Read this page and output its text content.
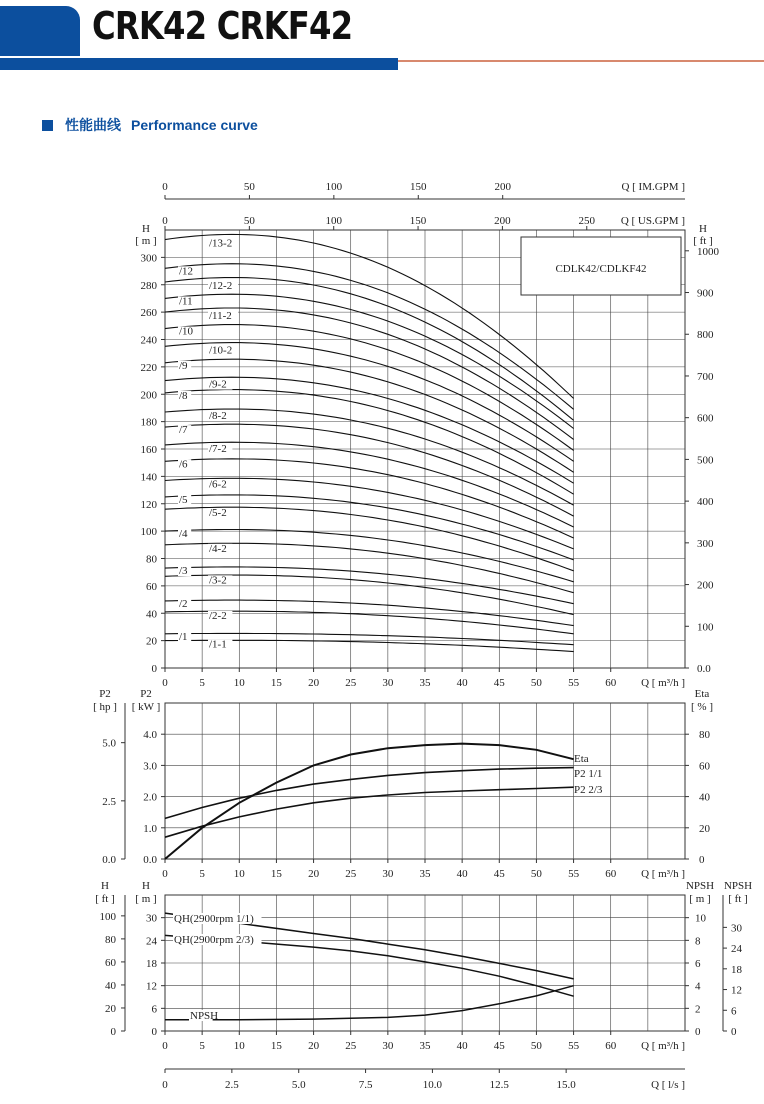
CRK42 CRKF42
性能曲线 Performance curve
0	50	100	150	200	Q [ IM.GPM ]
0	50	100	150	200	250 Q [ US.GPM ]
0
20
40
60
80
100
120
140
160
180
200
220
240
260
280
300
H
[ m ]
0.0
100
200
300
400
500
600
700
800
900
1000
H
[ ft ]
0	5	10 15 20 25 30 35 40 45 50 55 60 Q [ m³/h ]
/1-1
/1
/2-2
/2
/3-2
/3
/4-2
/4
/5-2
/5
/6-2
/6
/7-2
/7
/8-2
/8
/9-2
/9
/10-2
/10
/11-2
/11
/12-2
/12
/13-2
CDLK42/CDLKF42
0.0
1.0
2.0
3.0
4.0
0.0
2.5
5.0
P2
[ hp ]
P2
[ kW ]
0
20
40
60
80
Eta
[ % ]
0	5	10 15 20 25 30 35 40 45 50 55 60 Q [ m³/h ]
Eta
P2 1/1
P2 2/3
0
6
12
18
24
30
0
20
40
60
80
100
H
[ ft ]
H
[ m ]
0
2
4
6
8
10
NPSH
[ m ]
0
6
12
18
24
30
NPSH
[ ft ]
0	5	10 15 20 25 30 35 40 45 50 55 60 Q [ m³/h ]
QH(2900rpm 1/1)
QH(2900rpm 2/3)
NPSH
0	2.5	5.0	7.5	10.0	12.5	15.0	Q [ l/s ]
